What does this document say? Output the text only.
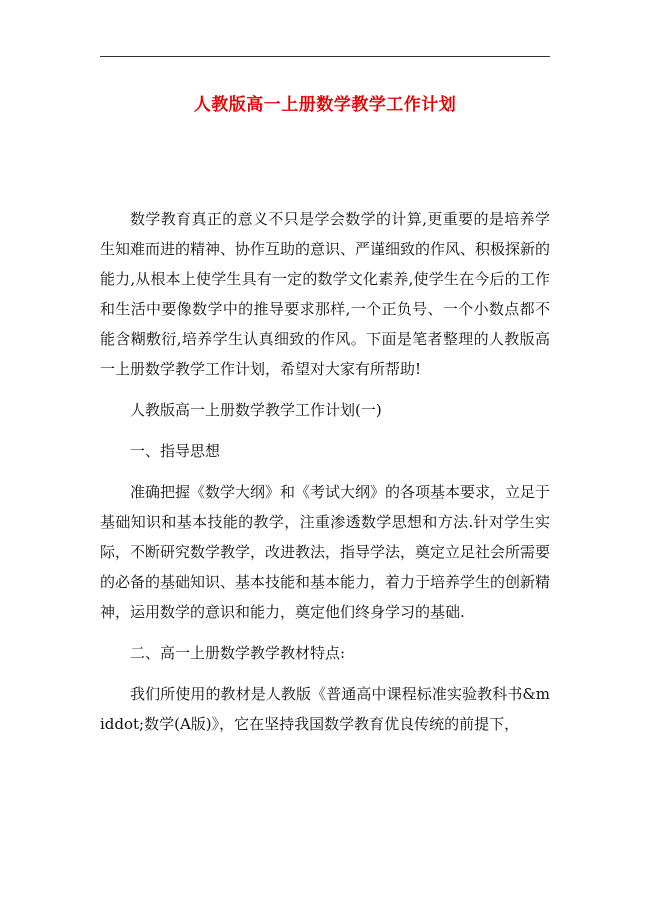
人教版高一上册数学教学工作计划

数学教育真正的意义不只是学会数学的计算,更重要的是培养学生知难而进的精神、协作互助的意识、严谨细致的作风、积极探新的能力,从根本上使学生具有一定的数学文化素养,使学生在今后的工作和生活中要像数学中的推导要求那样,一个正负号、一个小数点都不能含糊敷衍,培养学生认真细致的作风。下面是笔者整理的人教版高一上册数学教学工作计划，希望对大家有所帮助!

人教版高一上册数学教学工作计划(一)

一、指导思想

准确把握《数学大纲》和《考试大纲》的各项基本要求，立足于基础知识和基本技能的教学，注重渗透数学思想和方法.针对学生实际，不断研究数学教学，改进教法，指导学法，奠定立足社会所需要的必备的基础知识、基本技能和基本能力，着力于培养学生的创新精神，运用数学的意识和能力，奠定他们终身学习的基础.

二、高一上册数学教学教材特点:

我们所使用的教材是人教版《普通高中课程标准实验教科书&middot;数学(A版)》，它在坚持我国数学教育优良传统的前提下，
